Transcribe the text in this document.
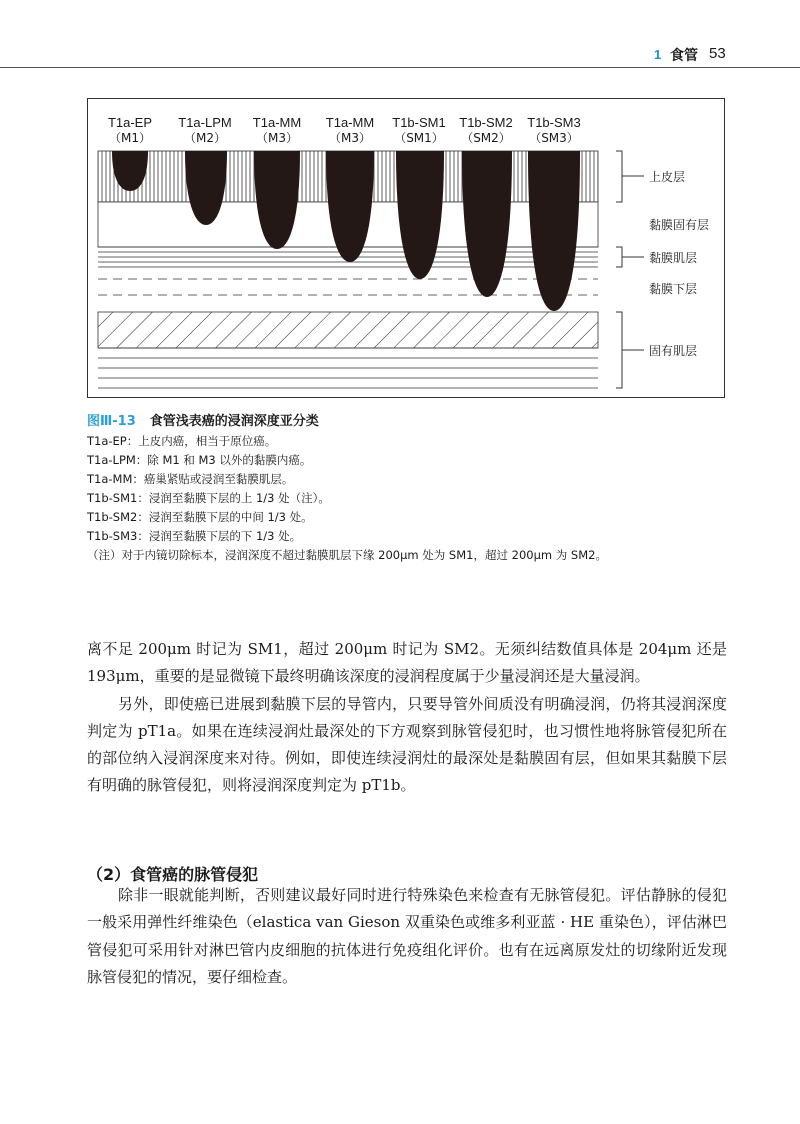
1 食管 53
T1a-EP
（M1）
T1a-LPM
（M2）
T1a-MM
（M3）
T1a-MM
（M3）
T1b-SM1
（SM1）
T1b-SM2
（SM2）
T1b-SM3
（SM3）
上皮层
黏膜固有层
黏膜肌层
黏膜下层
固有肌层
图Ⅲ-13 食管浅表癌的浸润深度亚分类
T1a-EP：上皮内癌，相当于原位癌。
T1a-LPM：除 M1 和 M3 以外的黏膜内癌。
T1a-MM：癌巢紧贴或浸润至黏膜肌层。
T1b-SM1：浸润至黏膜下层的上 1/3 处（注）。
T1b-SM2：浸润至黏膜下层的中间 1/3 处。
T1b-SM3：浸润至黏膜下层的下 1/3 处。
（注）对于内镜切除标本，浸润深度不超过黏膜肌层下缘 200μm 处为 SM1，超过 200μm 为 SM2。

离不足 200μm 时记为 SM1，超过 200μm 时记为 SM2。无须纠结数值具体是 204μm 还是 193μm，重要的是显微镜下最终明确该深度的浸润程度属于少量浸润还是大量浸润。

另外，即使癌已进展到黏膜下层的导管内，只要导管外间质没有明确浸润，仍将其浸润深度判定为 pT1a。如果在连续浸润灶最深处的下方观察到脉管侵犯时，也习惯性地将脉管侵犯所在的部位纳入浸润深度来对待。例如，即使连续浸润灶的最深处是黏膜固有层，但如果其黏膜下层有明确的脉管侵犯，则将浸润深度判定为 pT1b。

（2）食管癌的脉管侵犯

除非一眼就能判断，否则建议最好同时进行特殊染色来检查有无脉管侵犯。评估静脉的侵犯一般采用弹性纤维染色（elastica van Gieson 双重染色或维多利亚蓝 · HE 重染色），评估淋巴管侵犯可采用针对淋巴管内皮细胞的抗体进行免疫组化评价。也有在远离原发灶的切缘附近发现脉管侵犯的情况，要仔细检查。
